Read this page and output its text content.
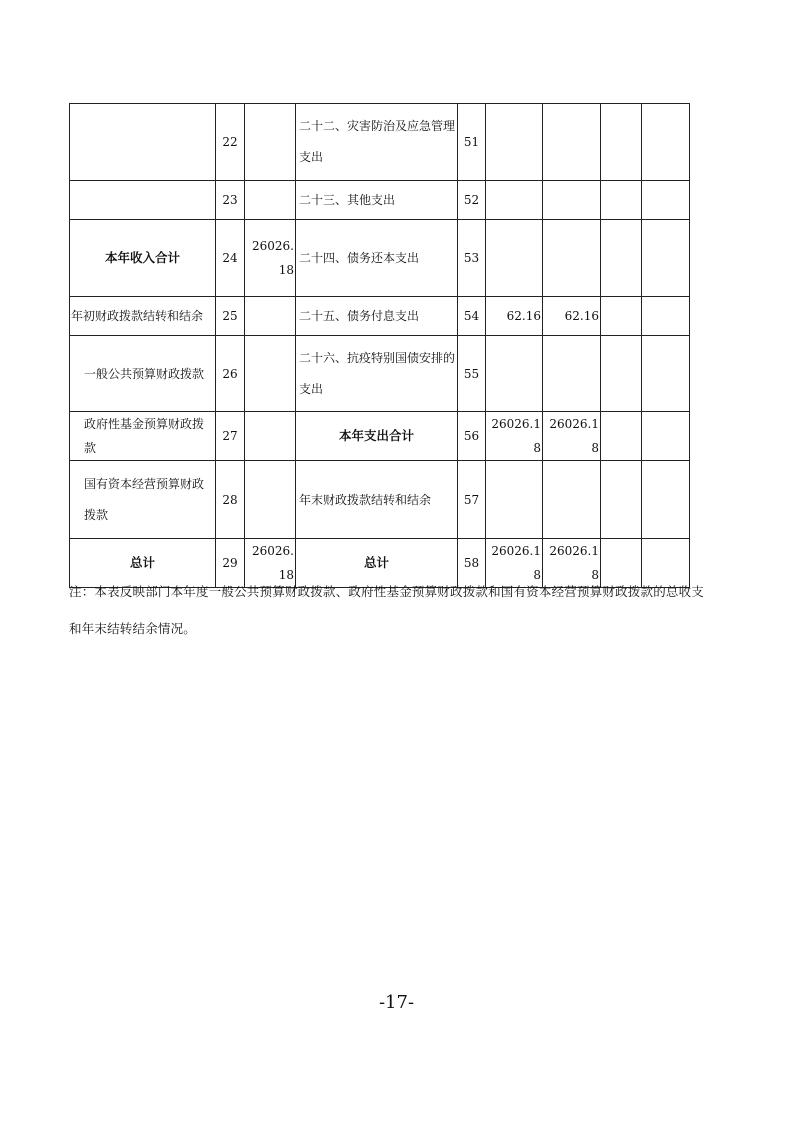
	22		二十二、灾害防治及应急管理支出	51				
	23		二十三、其他支出	52				
本年收入合计	24	26026.18	二十四、债务还本支出	53				
年初财政拨款结转和结余	25		二十五、债务付息支出	54	62.16	62.16		
一般公共预算财政拨款	26		二十六、抗疫特别国债安排的支出	55				
政府性基金预算财政拨款	27		本年支出合计	56	26026.18	26026.18		
国有资本经营预算财政拨款	28		年末财政拨款结转和结余	57				
总计	29	26026.18	总计	58	26026.18	26026.18		
注：本表反映部门本年度一般公共预算财政拨款、政府性基金预算财政拨款和国有资本经营预算财政拨款的总收支和年末结转结余情况。
-17-
